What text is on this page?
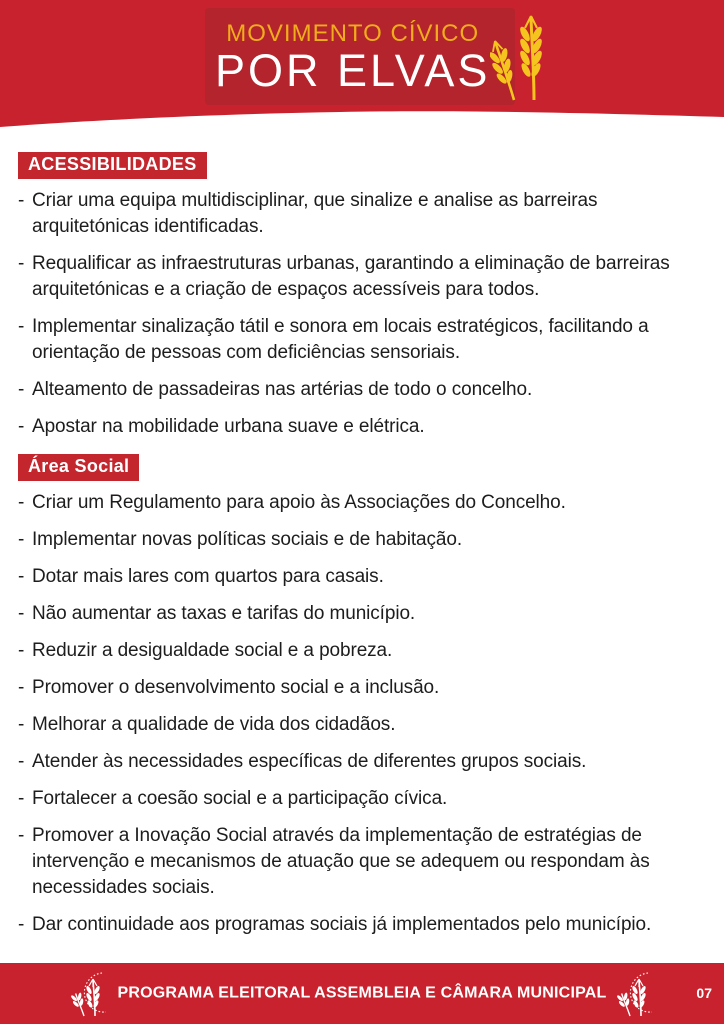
MOVIMENTO CÍVICO
POR ELVAS
ACESSIBILIDADES
- Criar uma equipa multidisciplinar, que sinalize e analise as barreiras arquitetónicas identificadas.
- Requalificar as infraestruturas urbanas, garantindo a eliminação de barreiras arquitetónicas e a criação de espaços acessíveis para todos.
- Implementar sinalização tátil e sonora em locais estratégicos, facilitando a orientação de pessoas com deficiências sensoriais.
- Alteamento de passadeiras nas artérias de todo o concelho.
- Apostar na mobilidade urbana suave e elétrica.
Área Social
- Criar um Regulamento para apoio às Associações do Concelho.
- Implementar novas políticas sociais e de habitação.
- Dotar mais lares com quartos para casais.
- Não aumentar as taxas e tarifas do município.
- Reduzir a desigualdade social e a pobreza.
- Promover o desenvolvimento social e a inclusão.
- Melhorar a qualidade de vida dos cidadãos.
- Atender às necessidades específicas de diferentes grupos sociais.
- Fortalecer a coesão social e a participação cívica.
- Promover a Inovação Social através da implementação de estratégias de intervenção e mecanismos de atuação que se adequem ou respondam às necessidades sociais.
- Dar continuidade aos programas sociais já implementados pelo município.
PROGRAMA ELEITORAL ASSEMBLEIA E CÂMARA MUNICIPAL	07
